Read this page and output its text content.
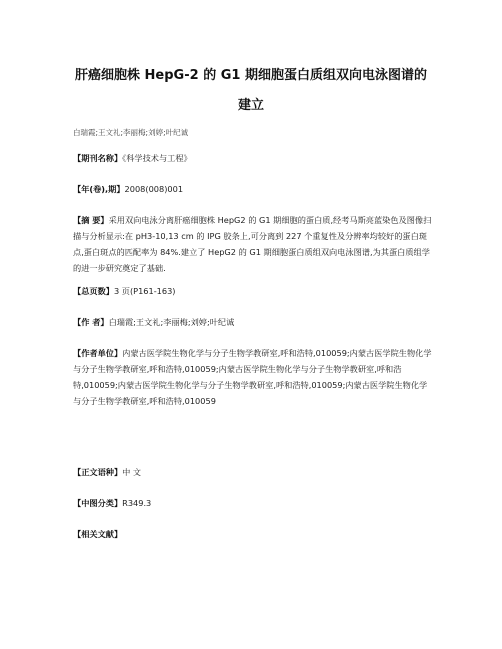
肝癌细胞株 HepG-2 的 G1 期细胞蛋白质组双向电泳图谱的
建立
白瑞霞;王文礼;李丽梅;刘婷;叶纪诚
【期刊名称】《科学技术与工程》
【年(卷),期】2008(008)001
【摘 要】采用双向电泳分离肝癌细胞株 HepG2 的 G1 期细胞的蛋白质,经考马斯亮蓝染色及图像扫描与分析显示:在 pH3-10,13 cm 的 IPG 胶条上,可分离到 227 个重复性及分辨率均较好的蛋白斑点,蛋白斑点的匹配率为 84%.建立了 HepG2 的 G1 期细胞蛋白质组双向电泳图谱,为其蛋白质组学的进一步研究奠定了基础.
【总页数】3 页(P161-163)
【作 者】白瑞霞;王文礼;李丽梅;刘婷;叶纪诚
【作者单位】内蒙古医学院生物化学与分子生物学教研室,呼和浩特,010059;内蒙古医学院生物化学与分子生物学教研室,呼和浩特,010059;内蒙古医学院生物化学与分子生物学教研室,呼和浩特,010059;内蒙古医学院生物化学与分子生物学教研室,呼和浩特,010059;内蒙古医学院生物化学与分子生物学教研室,呼和浩特,010059
【正文语种】中 文
【中图分类】R349.3
【相关文献】
